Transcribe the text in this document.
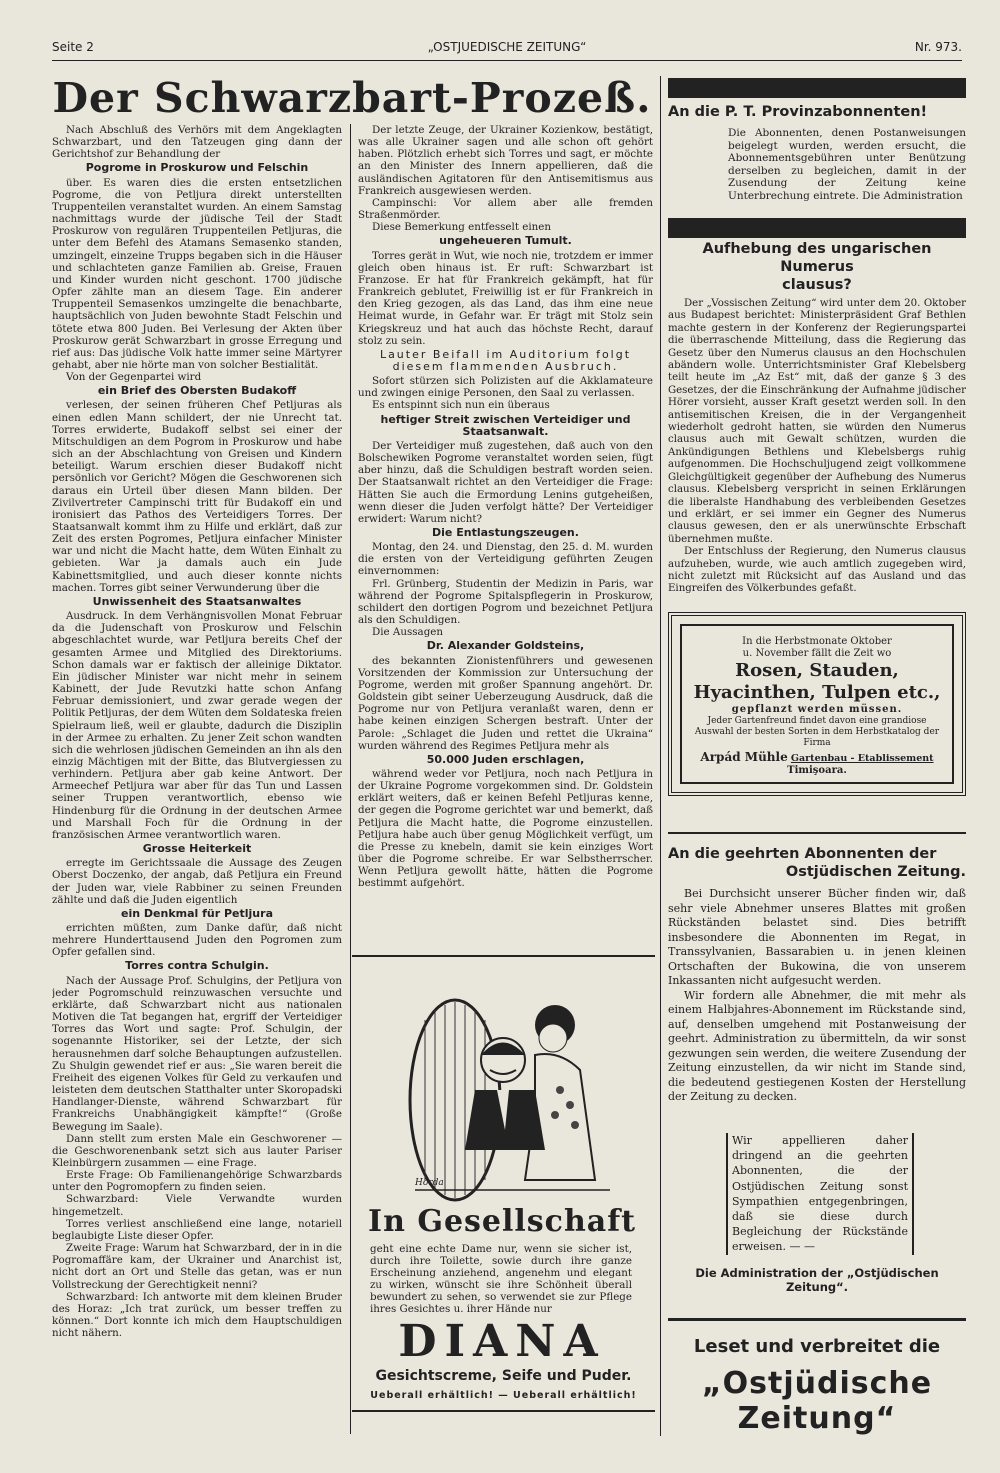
Seite 2	„OSTJUEDISCHE ZEITUNG“	Nr. 973.
Der Schwarzbart-Prozeß.

Nach Abschluß des Verhörs mit dem Angeklagten Schwarzbart, und den Tatzeugen ging dann der Gerichtshof zur Behandlung der

Pogrome in Proskurow und Felschin

über. Es waren dies die ersten entsetzlichen Pogrome, die von Petljura direkt unterstellten Truppenteilen veranstaltet wurden. An einem Samstag nachmittags wurde der jüdische Teil der Stadt Proskurow von regulären Truppenteilen Petljuras, die unter dem Befehl des Atamans Semasenko standen, umzingelt, einzeine Trupps begaben sich in die Häuser und schlachteten ganze Familien ab. Greise, Frauen und Kinder wurden nicht geschont. 1700 jüdische Opfer zählte man an diesem Tage. Ein anderer Truppenteil Semasenkos umzingelte die benachbarte, hauptsächlich von Juden bewohnte Stadt Felschin und tötete etwa 800 Juden. Bei Verlesung der Akten über Proskurow gerät Schwarzbart in grosse Erregung und rief aus: Das jüdische Volk hatte immer seine Märtyrer gehabt, aber nie hörte man von solcher Bestialität.

Von der Gegenpartei wird

ein Brief des Obersten Budakoff

verlesen, der seinen früheren Chef Petljuras als einen edlen Mann schildert, der nie Unrecht tat. Torres erwiderte, Budakoff selbst sei einer der Mitschuldigen an dem Pogrom in Proskurow und habe sich an der Abschlachtung von Greisen und Kindern beteiligt. Warum erschien dieser Budakoff nicht persönlich vor Gericht? Mögen die Geschworenen sich daraus ein Urteil über diesen Mann bilden. Der Zivilvertreter Campinschi tritt für Budakoff ein und ironisiert das Pathos des Verteidigers Torres. Der Staatsanwalt kommt ihm zu Hilfe und erklärt, daß zur Zeit des ersten Pogromes, Petljura einfacher Minister war und nicht die Macht hatte, dem Wüten Einhalt zu gebieten. War ja damals auch ein Jude Kabinettsmitglied, und auch dieser konnte nichts machen. Torres gibt seiner Verwunderung über die

Unwissenheit des Staatsanwaltes

Ausdruck. In dem Verhängnisvollen Monat Februar da die Judenschaft von Proskurow und Felschin abgeschlachtet wurde, war Petljura bereits Chef der gesamten Armee und Mitglied des Direktoriums. Schon damals war er faktisch der alleinige Diktator. Ein jüdischer Minister war nicht mehr in seinem Kabinett, der Jude Revutzki hatte schon Anfang Februar demissioniert, und zwar gerade wegen der Politik Petljuras, der dem Wüten dem Soldateska freien Spielraum ließ, weil er glaubte, dadurch die Disziplin in der Armee zu erhalten. Zu jener Zeit schon wandten sich die wehrlosen jüdischen Gemeinden an ihn als den einzig Mächtigen mit der Bitte, das Blutvergiessen zu verhindern. Petljura aber gab keine Antwort. Der Armeechef Petljura war aber für das Tun und Lassen seiner Truppen verantwortlich, ebenso wie Hindenburg für die Ordnung in der deutschen Armee und Marshall Foch für die Ordnung in der französischen Armee verantwortlich waren.

Grosse Heiterkeit

erregte im Gerichtssaale die Aussage des Zeugen Oberst Doczenko, der angab, daß Petljura ein Freund der Juden war, viele Rabbiner zu seinen Freunden zählte und daß die Juden eigentlich

ein Denkmal für Petljura

errichten müßten, zum Danke dafür, daß nicht mehrere Hunderttausend Juden den Pogromen zum Opfer gefallen sind.

Torres contra Schulgin.

Nach der Aussage Prof. Schulgins, der Petljura von jeder Pogromschuld reinzuwaschen versuchte und erklärte, daß Schwarzbart nicht aus nationalen Motiven die Tat begangen hat, ergriff der Verteidiger Torres das Wort und sagte: Prof. Schulgin, der sogenannte Historiker, sei der Letzte, der sich herausnehmen darf solche Behauptungen aufzustellen. Zu Shulgin gewendet rief er aus: „Sie waren bereit die Freiheit des eigenen Volkes für Geld zu verkaufen und leisteten dem deutschen Statthalter unter Skoropadski Handlanger-Dienste, während Schwarzbart für Frankreichs Unabhängigkeit kämpfte!“ (Große Bewegung im Saale).

Dann stellt zum ersten Male ein Geschworener — die Geschworenenbank setzt sich aus lauter Pariser Kleinbürgern zusammen — eine Frage.

Erste Frage: Ob Familienangehörige Schwarzbards unter den Pogromopfern zu finden seien.

Schwarzbard: Viele Verwandte wurden hingemetzelt.

Torres verliest anschließend eine lange, notariell beglaubigte Liste dieser Opfer.

Zweite Frage: Warum hat Schwarzbard, der in in die Pogromaffäre kam, der Ukrainer und Anarchist ist, nicht dort an Ort und Stelle das getan, was er nun Vollstreckung der Gerechtigkeit nenni?

Schwarzbard: Ich antworte mit dem kleinen Bruder des Horaz: „Ich trat zurück, um besser treffen zu können.“ Dort konnte ich mich dem Hauptschuldigen nicht nähern.

Der letzte Zeuge, der Ukrainer Kozienkow, bestätigt, was alle Ukrainer sagen und alle schon oft gehört haben. Plötzlich erhebt sich Torres und sagt, er möchte an den Minister des Innern appellieren, daß die ausländischen Agitatoren für den Antisemitismus aus Frankreich ausgewiesen werden.

Campinschi: Vor allem aber alle fremden Straßenmörder.

Diese Bemerkung entfesselt einen

ungeheueren Tumult.

Torres gerät in Wut, wie noch nie, trotzdem er immer gleich oben hinaus ist. Er ruft: Schwarzbart ist Franzose. Er hat für Frankreich gekämpft, hat für Frankreich geblutet, Freiwillig ist er für Frankreich in den Krieg gezogen, als das Land, das ihm eine neue Heimat wurde, in Gefahr war. Er trägt mit Stolz sein Kriegskreuz und hat auch das höchste Recht, darauf stolz zu sein.

Lauter Beifall im Auditorium folgt diesem flammenden Ausbruch.

Sofort stürzen sich Polizisten auf die Akklamateure und zwingen einige Personen, den Saal zu verlassen.

Es entspinnt sich nun ein überaus

heftiger Streit zwischen Verteidiger und Staatsanwalt.

Der Verteidiger muß zugestehen, daß auch von den Bolschewiken Pogrome veranstaltet worden seien, fügt aber hinzu, daß die Schuldigen bestraft worden seien. Der Staatsanwalt richtet an den Verteidiger die Frage: Hätten Sie auch die Ermordung Lenins gutgeheißen, wenn dieser die Juden verfolgt hätte? Der Verteidiger erwidert: Warum nicht?

Die Entlastungszeugen.

Montag, den 24. und Dienstag, den 25. d. M. wurden die ersten von der Verteidigung geführten Zeugen einvernommen:

Frl. Grünberg, Studentin der Medizin in Paris, war während der Pogrome Spitalspflegerin in Proskurow, schildert den dortigen Pogrom und bezeichnet Petljura als den Schuldigen.

Die Aussagen

Dr. Alexander Goldsteins,

des bekannten Zionistenführers und gewesenen Vorsitzenden der Kommission zur Untersuchung der Pogrome, werden mit großer Spannung angehört. Dr. Goldstein gibt seiner Ueberzeugung Ausdruck, daß die Pogrome nur von Petljura veranlaßt waren, denn er habe keinen einzigen Schergen bestraft. Unter der Parole: „Schlaget die Juden und rettet die Ukraina“ wurden während des Regimes Petljura mehr als

50.000 Juden erschlagen,

während weder vor Petljura, noch nach Petljura in der Ukraine Pogrome vorgekommen sind. Dr. Goldstein erklärt weiters, daß er keinen Befehl Petljuras kenne, der gegen die Pogrome gerichtet war und bemerkt, daß Petljura die Macht hatte, die Pogrome einzustellen. Petljura habe auch über genug Möglichkeit verfügt, um die Presse zu knebeln, damit sie kein einziges Wort über die Pogrome schreibe. Er war Selbstherrscher. Wenn Petljura gewollt hätte, hätten die Pogrome bestimmt aufgehört.

Horda
In Gesellschaft
geht eine echte Dame nur, wenn sie sicher ist, durch ihre Toilette, sowie durch ihre ganze Erscheinung anziehend, angenehm und elegant zu wirken, wünscht sie ihre Schönheit überall bewundert zu sehen, so verwendet sie zur Pflege ihres Gesichtes u. ihrer Hände nur
DIANA
Gesichtscreme, Seife und Puder.
Ueberall erhältlich! — Ueberall erhältlich!
An die P. T. Provinzabonnenten!
Die Abonnenten, denen Postanweisungen beigelegt wurden, werden ersucht, die Abonnementsgebühren unter Benützung derselben zu begleichen, damit in der Zusendung der Zeitung keine Unterbrechung eintrete. Die Administration
Aufhebung des ungarischen Numerus
clausus?

Der „Vossischen Zeitung“ wird unter dem 20. Oktober aus Budapest berichtet: Ministerpräsident Graf Bethlen machte gestern in der Konferenz der Regierungspartei die überraschende Mitteilung, dass die Regierung das Gesetz über den Numerus clausus an den Hochschulen abändern wolle. Unterrichtsminister Graf Klebelsberg teilt heute im „Az Est“ mit, daß der ganze § 3 des Gesetzes, der die Einschränkung der Aufnahme jüdischer Hörer vorsieht, ausser Kraft gesetzt werden soll. In den antisemitischen Kreisen, die in der Vergangenheit wiederholt gedroht hatten, sie würden den Numerus clausus auch mit Gewalt schützen, wurden die Ankündigungen Bethlens und Klebelsbergs ruhig aufgenommen. Die Hochschuljugend zeigt vollkommene Gleichgültigkeit gegenüber der Aufhebung des Numerus clausus. Klebelsberg verspricht in seinen Erklärungen die liberalste Handhabung des verbleibenden Gesetzes und erklärt, er sei immer ein Gegner des Numerus clausus gewesen, den er als unerwünschte Erbschaft übernehmen mußte.

Der Entschluss der Regierung, den Numerus clausus aufzuheben, wurde, wie auch amtlich zugegeben wird, nicht zuletzt mit Rücksicht auf das Ausland und das Eingreifen des Völkerbundes gefaßt.

In die Herbstmonate Oktober
u. November fällt die Zeit wo
Rosen, Stauden,
Hyacinthen, Tulpen etc.,
gepflanzt werden müssen.
Jeder Gartenfreund findet davon eine grandiose Auswahl der besten Sorten in dem Herbstkatalog der Firma
Arpád Mühle Gartenbau - Etablissement
Timişoara.
An die geehrten Abonnenten der
Ostjüdischen Zeitung.

Bei Durchsicht unserer Bücher finden wir, daß sehr viele Abnehmer unseres Blattes mit großen Rückständen belastet sind. Dies betrifft insbesondere die Abonnenten im Regat, in Transsylvanien, Bassarabien u. in jenen kleinen Ortschaften der Bukowina, die von unserem Inkassanten nicht aufgesucht werden.

Wir fordern alle Abnehmer, die mit mehr als einem Halbjahres-Abonnement im Rückstande sind, auf, denselben umgehend mit Postanweisung der geehrt. Administration zu übermitteln, da wir sonst gezwungen sein werden, die weitere Zusendung der Zeitung einzustellen, da wir nicht im Stande sind, die bedeutend gestiegenen Kosten der Herstellung der Zeitung zu decken.

Wir appellieren daher dringend an die geehrten Abonnenten, die der Ostjüdischen Zeitung sonst Sympathien entgegenbringen, daß sie diese durch Begleichung der Rückstände erweisen. — —
Die Administration der „Ostjüdischen Zeitung“.
Leset und verbreitet die
„Ostjüdische Zeitung“
